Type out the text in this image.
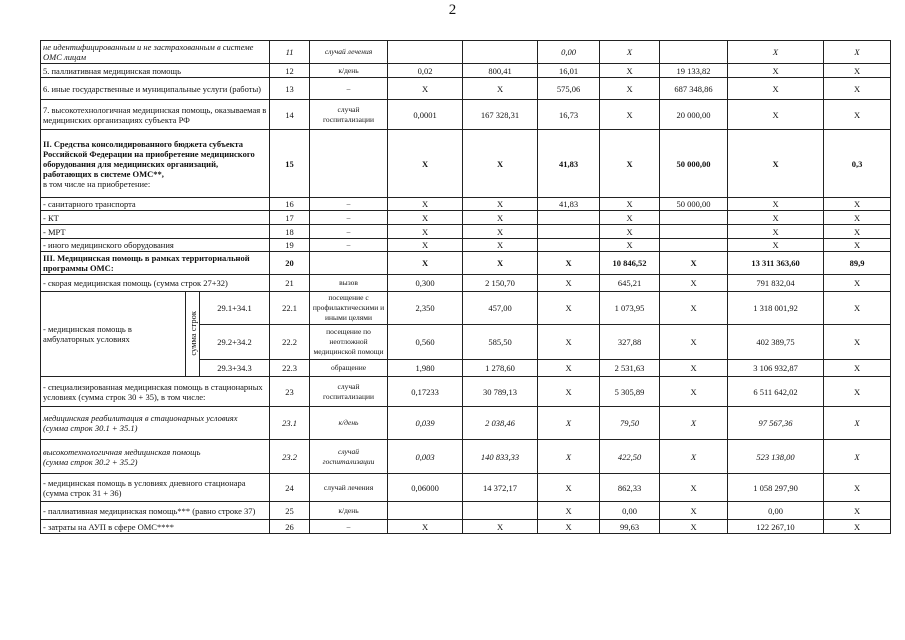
2
не идентифицированным и не застрахованным в системе ОМС лицам			11	случай лечения			0,00	X		X	X
5. паллиативная медицинская помощь			12	к/день	0,02	800,41	16,01	X	19 133,82	X	X
6. иные государственные и муниципальные услуги (работы)			13	–	X	X	575,06	X	687 348,86	X	X
7. высокотехнологичная медицинская помощь, оказываемая в медицинских организациях субъекта РФ			14	случай госпитализации	0,0001	167 328,31	16,73	X	20 000,00	X	X
II. Средства консолидированного бюджета субъекта Российской Федерации на приобретение медицинского оборудования для медицинских организаций, работающих в системе ОМС**,
в том числе на приобретение:			15		X	X	41,83	X	50 000,00	X	0,3
- санитарного транспорта			16	–	X	X	41,83	X	50 000,00	X	X
- КТ			17	–	X	X		X		X	X
- МРТ			18	–	X	X		X		X	X
- иного медицинского оборудования			19	–	X	X		X		X	X
III. Медицинская помощь в рамках территориальной программы ОМС:			20		X	X	X	10 846,52	X	13 311 363,60	89,9
- скорая медицинская помощь (сумма строк 27+32)			21	вызов	0,300	2 150,70	X	645,21	X	791 832,04	X
- медицинская помощь в амбулаторных условиях	сумма строк	29.1+34.1	22.1	посещение с профилактическими и иными целями	2,350	457,00	X	1 073,95	X	1 318 001,92	X
		29.2+34.2	22.2	посещение по неотложной медицинской помощи	0,560	585,50	X	327,88	X	402 389,75	X
		29.3+34.3	22.3	обращение	1,980	1 278,60	X	2 531,63	X	3 106 932,87	X
- специализированная медицинская помощь в стационарных условиях (сумма строк 30 + 35), в том числе:			23	случай госпитализации	0,17233	30 789,13	X	5 305,89	X	6 511 642,02	X
медицинская реабилитация в стационарных условиях
(сумма строк 30.1 + 35.1)			23.1	к/день	0,039	2 038,46	X	79,50	X	97 567,36	X
высокотехнологичная медицинская помощь
(сумма строк 30.2 + 35.2)			23.2	случай госпитализации	0,003	140 833,33	X	422,50	X	523 138,00	X
- медицинская помощь в условиях дневного стационара (сумма строк 31 + 36)			24	случай лечения	0,06000	14 372,17	X	862,33	X	1 058 297,90	X
- паллиативная медицинская помощь*** (равно строке 37)			25	к/день			X	0,00	X	0,00	X
- затраты на АУП в сфере ОМС****			26	–	X	X	X	99,63	X	122 267,10	X
